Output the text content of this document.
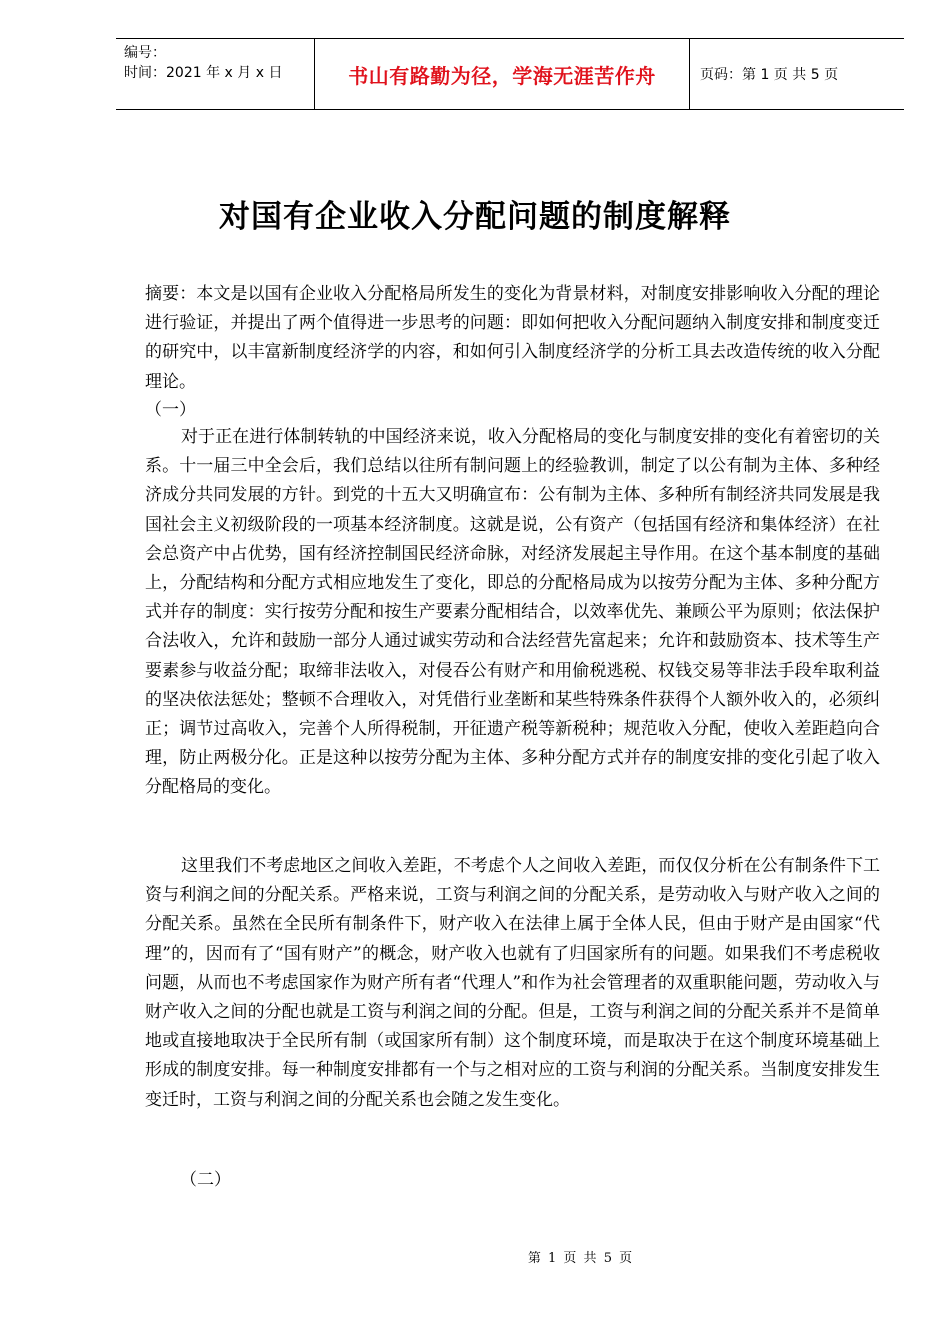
编号：
时间：2021 年 x 月 x 日	书山有路勤为径，学海无涯苦作舟	页码：第 1 页 共 5 页
对国有企业收入分配问题的制度解释

摘要：本文是以国有企业收入分配格局所发生的变化为背景材料，对制度安排影响收入分配的理论进行验证，并提出了两个值得进一步思考的问题：即如何把收入分配问题纳入制度安排和制度变迁的研究中，以丰富新制度经济学的内容，和如何引入制度经济学的分析工具去改造传统的收入分配理论。

（一）

对于正在进行体制转轨的中国经济来说，收入分配格局的变化与制度安排的变化有着密切的关系。十一届三中全会后，我们总结以往所有制问题上的经验教训，制定了以公有制为主体、多种经济成分共同发展的方针。到党的十五大又明确宣布：公有制为主体、多种所有制经济共同发展是我国社会主义初级阶段的一项基本经济制度。这就是说，公有资产（包括国有经济和集体经济）在社会总资产中占优势，国有经济控制国民经济命脉，对经济发展起主导作用。在这个基本制度的基础上，分配结构和分配方式相应地发生了变化，即总的分配格局成为以按劳分配为主体、多种分配方式并存的制度：实行按劳分配和按生产要素分配相结合，以效率优先、兼顾公平为原则；依法保护合法收入，允许和鼓励一部分人通过诚实劳动和合法经营先富起来；允许和鼓励资本、技术等生产要素参与收益分配；取缔非法收入，对侵吞公有财产和用偷税逃税、权钱交易等非法手段牟取利益的坚决依法惩处；整顿不合理收入，对凭借行业垄断和某些特殊条件获得个人额外收入的，必须纠正；调节过高收入，完善个人所得税制，开征遗产税等新税种；规范收入分配，使收入差距趋向合理，防止两极分化。正是这种以按劳分配为主体、多种分配方式并存的制度安排的变化引起了收入分配格局的变化。

这里我们不考虑地区之间收入差距，不考虑个人之间收入差距，而仅仅分析在公有制条件下工资与利润之间的分配关系。严格来说，工资与利润之间的分配关系，是劳动收入与财产收入之间的分配关系。虽然在全民所有制条件下，财产收入在法律上属于全体人民，但由于财产是由国家“代理”的，因而有了“国有财产”的概念，财产收入也就有了归国家所有的问题。如果我们不考虑税收问题，从而也不考虑国家作为财产所有者“代理人”和作为社会管理者的双重职能问题，劳动收入与财产收入之间的分配也就是工资与利润之间的分配。但是，工资与利润之间的分配关系并不是简单地或直接地取决于全民所有制（或国家所有制）这个制度环境，而是取决于在这个制度环境基础上形成的制度安排。每一种制度安排都有一个与之相对应的工资与利润的分配关系。当制度安排发生变迁时，工资与利润之间的分配关系也会随之发生变化。

（二）

第 1 页 共 5 页
